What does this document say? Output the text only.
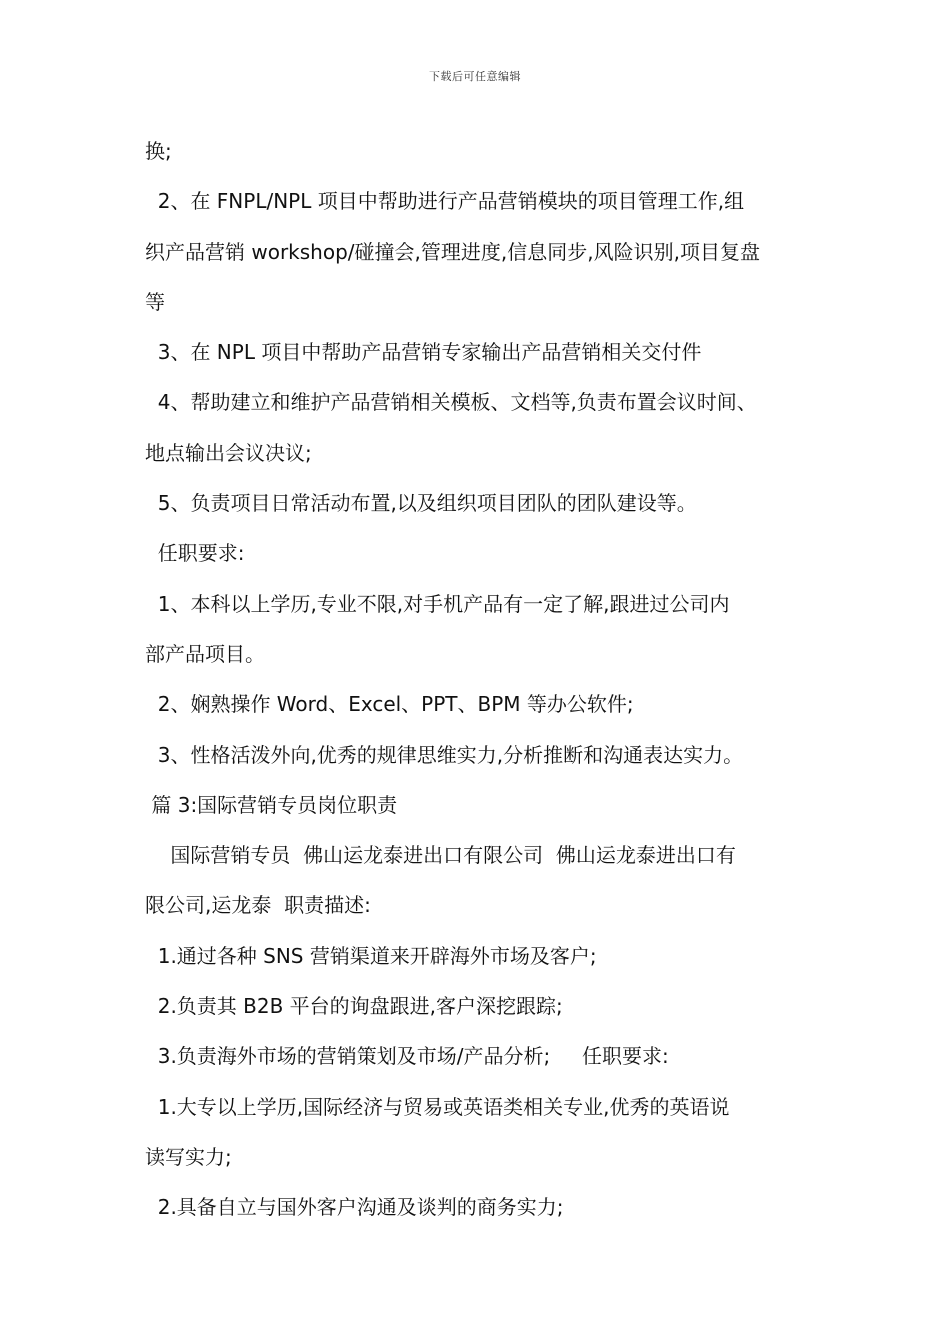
下载后可任意编辑
换;
2、在 FNPL/NPL 项目中帮助进行产品营销模块的项目管理工作,组
织产品营销 workshop/碰撞会,管理进度,信息同步,风险识别,项目复盘
等
3、在 NPL 项目中帮助产品营销专家输出产品营销相关交付件
4、帮助建立和维护产品营销相关模板、文档等,负责布置会议时间、
地点输出会议决议;
5、负责项目日常活动布置,以及组织项目团队的团队建设等。
任职要求:
1、本科以上学历,专业不限,对手机产品有一定了解,跟进过公司内
部产品项目。
2、娴熟操作 Word、Excel、PPT、BPM 等办公软件;
3、性格活泼外向,优秀的规律思维实力,分析推断和沟通表达实力。
篇 3:国际营销专员岗位职责
国际营销专员  佛山运龙泰进出口有限公司  佛山运龙泰进出口有
限公司,运龙泰  职责描述:
1.通过各种 SNS 营销渠道来开辟海外市场及客户;
2.负责其 B2B 平台的询盘跟进,客户深挖跟踪;
3.负责海外市场的营销策划及市场/产品分析;     任职要求:
1.大专以上学历,国际经济与贸易或英语类相关专业,优秀的英语说
读写实力;
2.具备自立与国外客户沟通及谈判的商务实力;
